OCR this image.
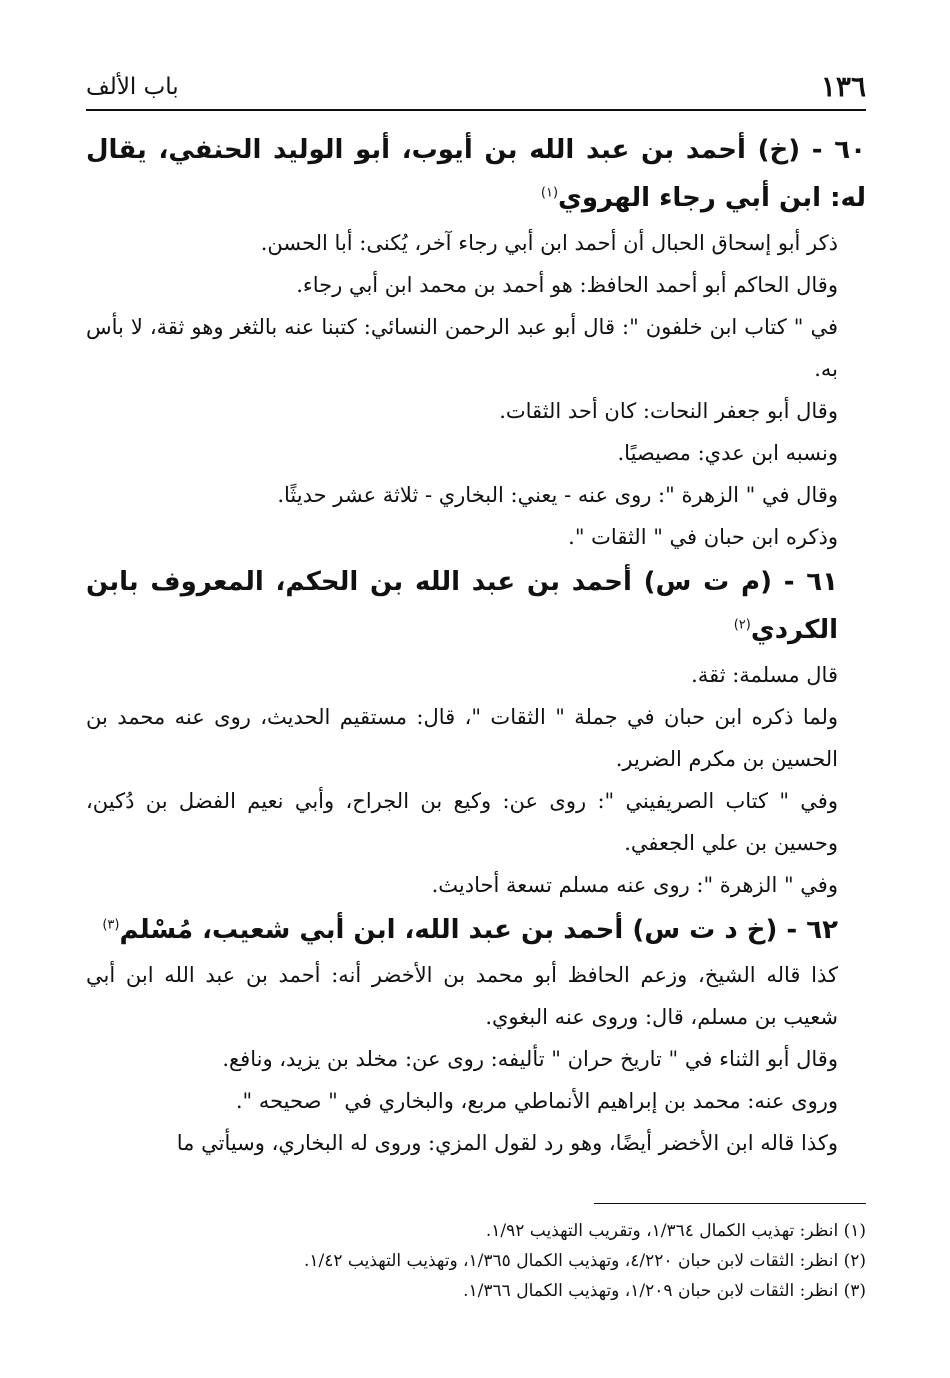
١٣٦
باب الألف

٦٠ - (خ) أحمد بن عبد الله بن أيوب، أبو الوليد الحنفي، يقال له: ابن أبي رجاء الهروي$^{(١)}$

ذكر أبو إسحاق الحبال أن أحمد ابن أبي رجاء آخر، يُكنى: أبا الحسن.

وقال الحاكم أبو أحمد الحافظ: هو أحمد بن محمد ابن أبي رجاء.

في " كتاب ابن خلفون ": قال أبو عبد الرحمن النسائي: كتبنا عنه بالثغر وهو ثقة، لا بأس به.

وقال أبو جعفر النحات: كان أحد الثقات.

ونسبه ابن عدي: مصيصيًا.

وقال في " الزهرة ": روى عنه - يعني: البخاري - ثلاثة عشر حديثًا.

وذكره ابن حبان في " الثقات ".

٦١ - (م ت س) أحمد بن عبد الله بن الحكم، المعروف بابن الكردي$^{(٢)}$

قال مسلمة: ثقة.

ولما ذكره ابن حبان في جملة " الثقات "، قال: مستقيم الحديث، روى عنه محمد بن الحسين بن مكرم الضرير.

وفي " كتاب الصريفيني ": روى عن: وكيع بن الجراح، وأبي نعيم الفضل بن دُكين، وحسين بن علي الجعفي.

وفي " الزهرة ": روى عنه مسلم تسعة أحاديث.

٦٢ - (خ د ت س) أحمد بن عبد الله، ابن أبي شعيب، مُسْلم$^{(٣)}$

كذا قاله الشيخ، وزعم الحافظ أبو محمد بن الأخضر أنه: أحمد بن عبد الله ابن أبي شعيب بن مسلم، قال: وروى عنه البغوي.

وقال أبو الثناء في " تاريخ حران " تأليفه: روى عن: مخلد بن يزيد، ونافع.

وروى عنه: محمد بن إبراهيم الأنماطي مربع، والبخاري في " صحيحه ".

وكذا قاله ابن الأخضر أيضًا، وهو رد لقول المزي: وروى له البخاري، وسيأتي ما

(١) انظر: تهذيب الكمال ١/٣٦٤، وتقريب التهذيب ١/٩٢.

(٢) انظر: الثقات لابن حبان ٤/٢٢٠، وتهذيب الكمال ١/٣٦٥، وتهذيب التهذيب ١/٤٢.

(٣) انظر: الثقات لابن حبان ١/٢٠٩، وتهذيب الكمال ١/٣٦٦.
